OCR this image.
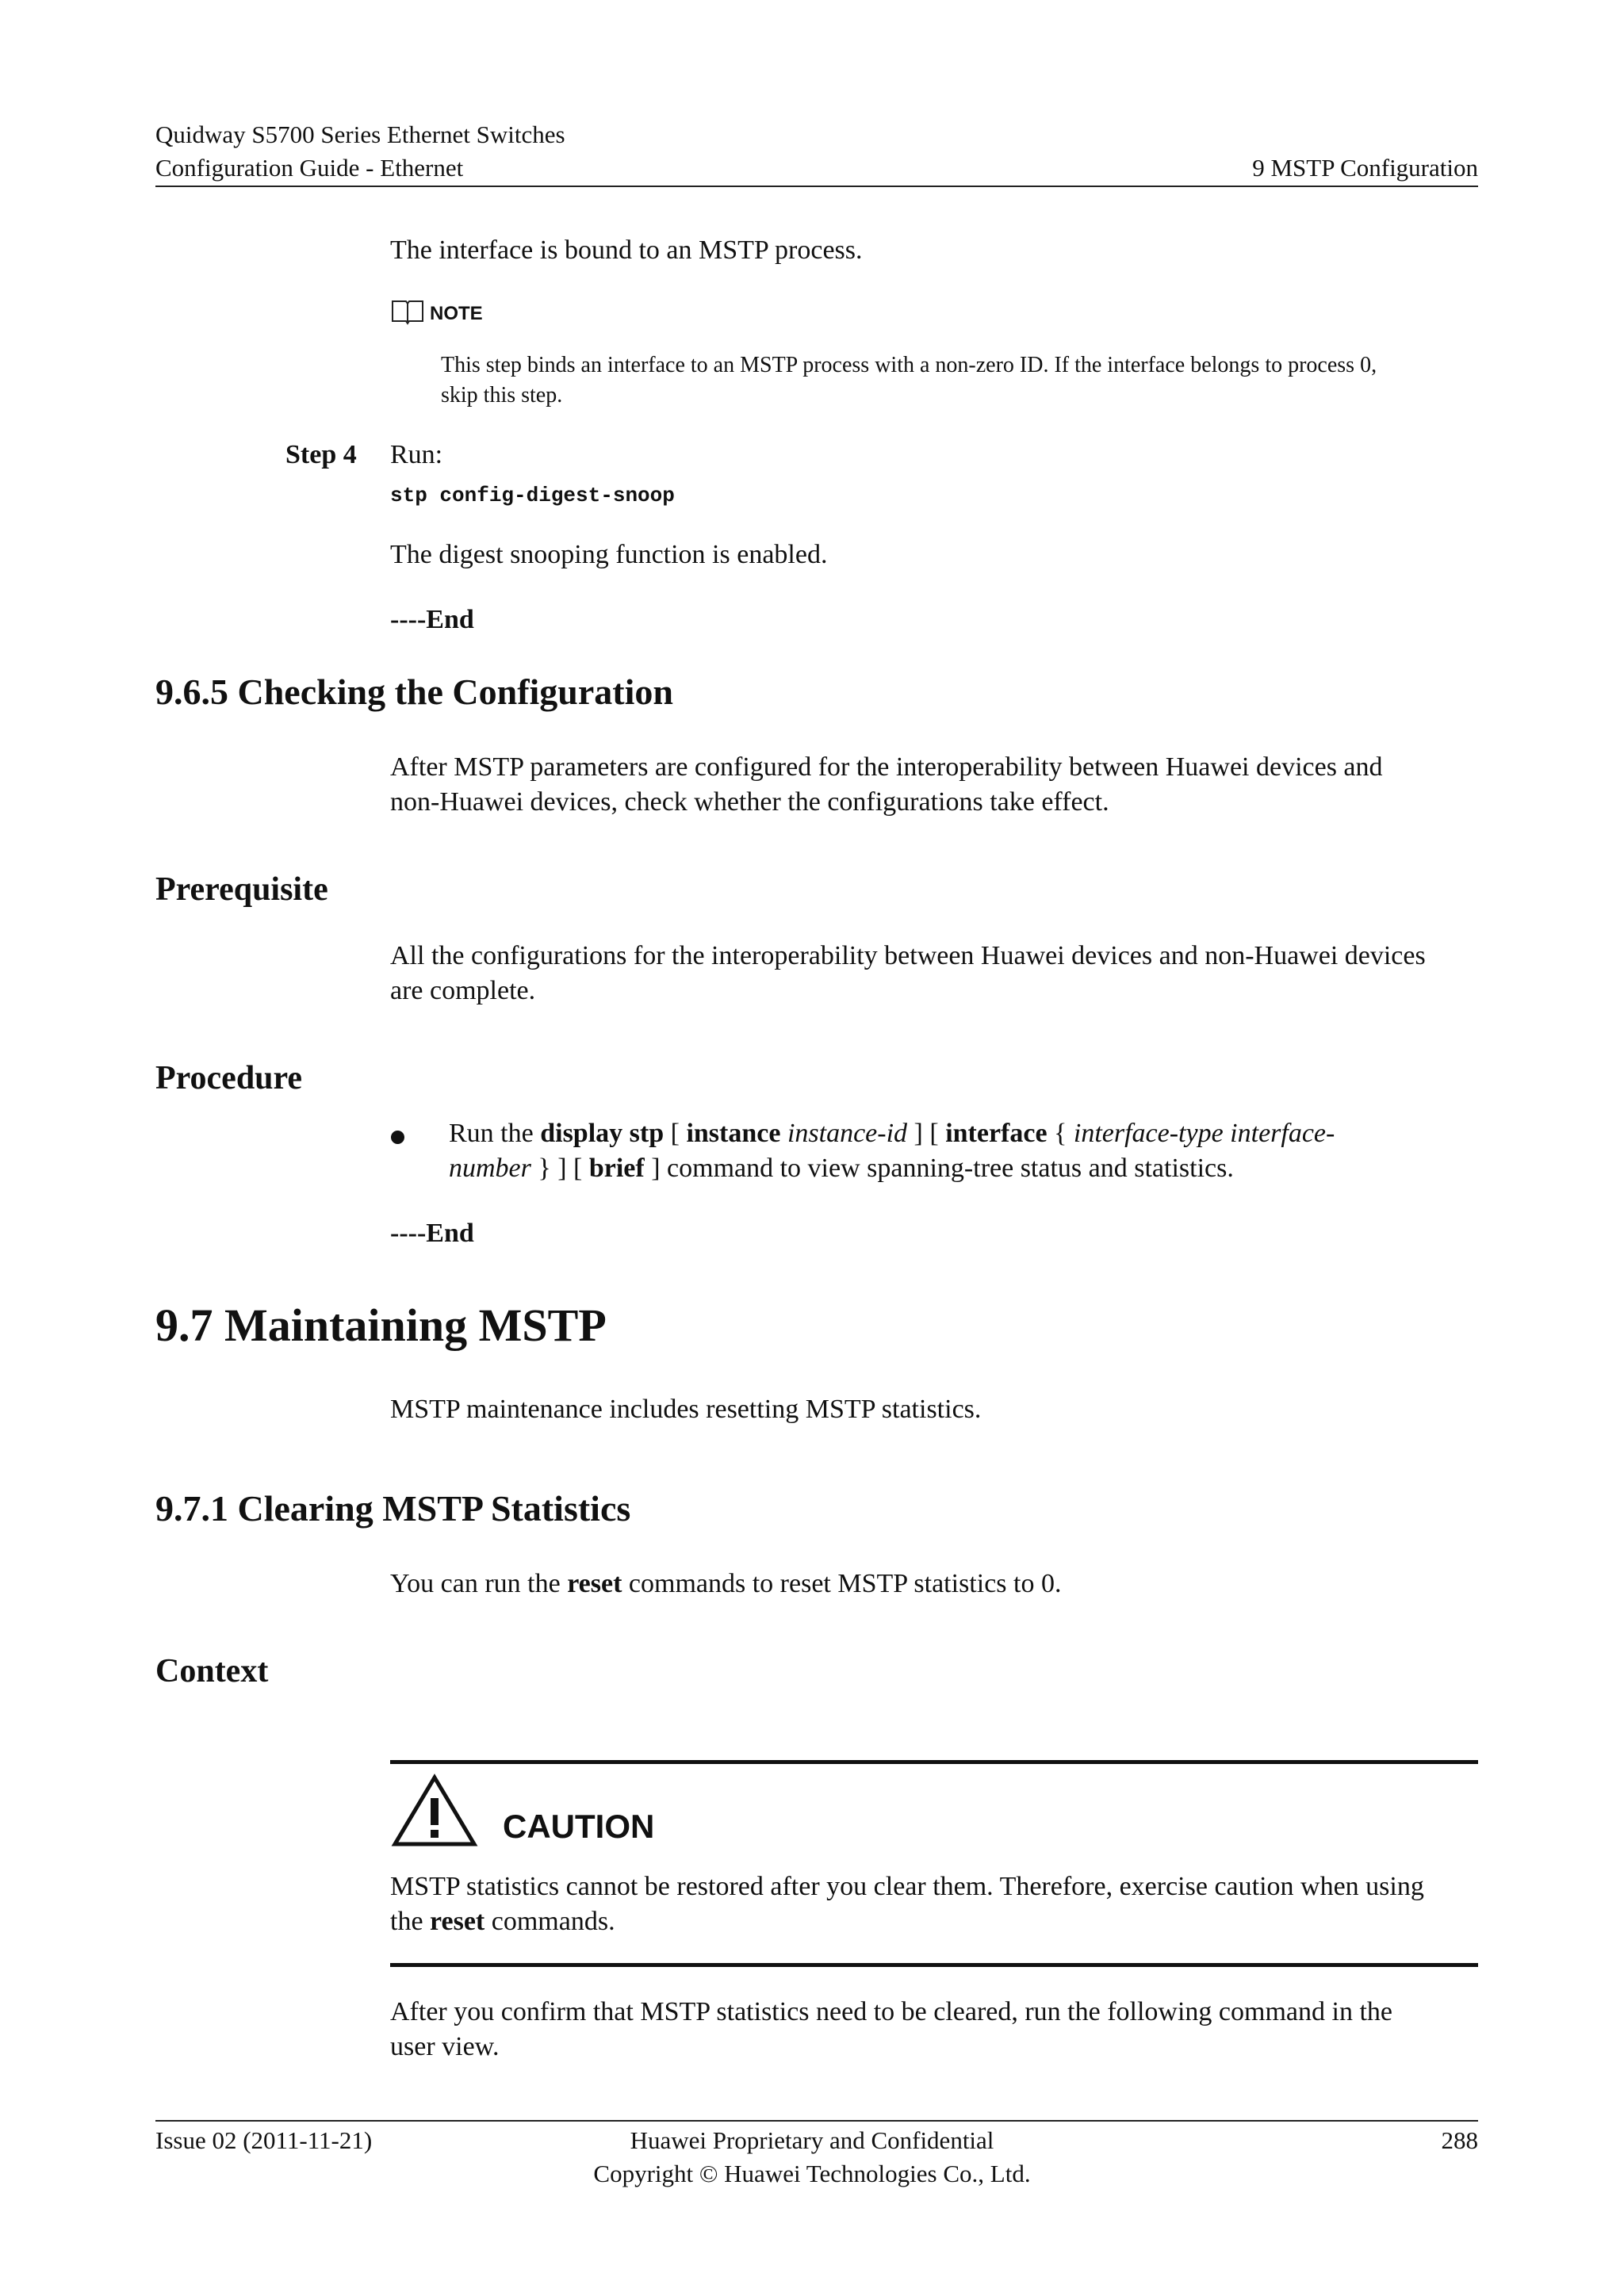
Quidway S5700 Series Ethernet Switches
Configuration Guide - Ethernet	9 MSTP Configuration
The interface is bound to an MSTP process.
NOTE
This step binds an interface to an MSTP process with a non-zero ID. If the interface belongs to process 0,
skip this step.
Step 4 Run:
stp config-digest-snoop
The digest snooping function is enabled.
----End
9.6.5 Checking the Configuration
After MSTP parameters are configured for the interoperability between Huawei devices and
non-Huawei devices, check whether the configurations take effect.
Prerequisite
All the configurations for the interoperability between Huawei devices and non-Huawei devices
are complete.
Procedure
Run the display stp [ instance instance-id ] [ interface { interface-type interface-
number } ] [ brief ] command to view spanning-tree status and statistics.
----End
9.7 Maintaining MSTP
MSTP maintenance includes resetting MSTP statistics.
9.7.1 Clearing MSTP Statistics
You can run the reset commands to reset MSTP statistics to 0.
Context
CAUTION
MSTP statistics cannot be restored after you clear them. Therefore, exercise caution when using
the reset commands.
After you confirm that MSTP statistics need to be cleared, run the following command in the
user view.
Issue 02 (2011-11-21)	Huawei Proprietary and Confidential
Copyright © Huawei Technologies Co., Ltd.
288
